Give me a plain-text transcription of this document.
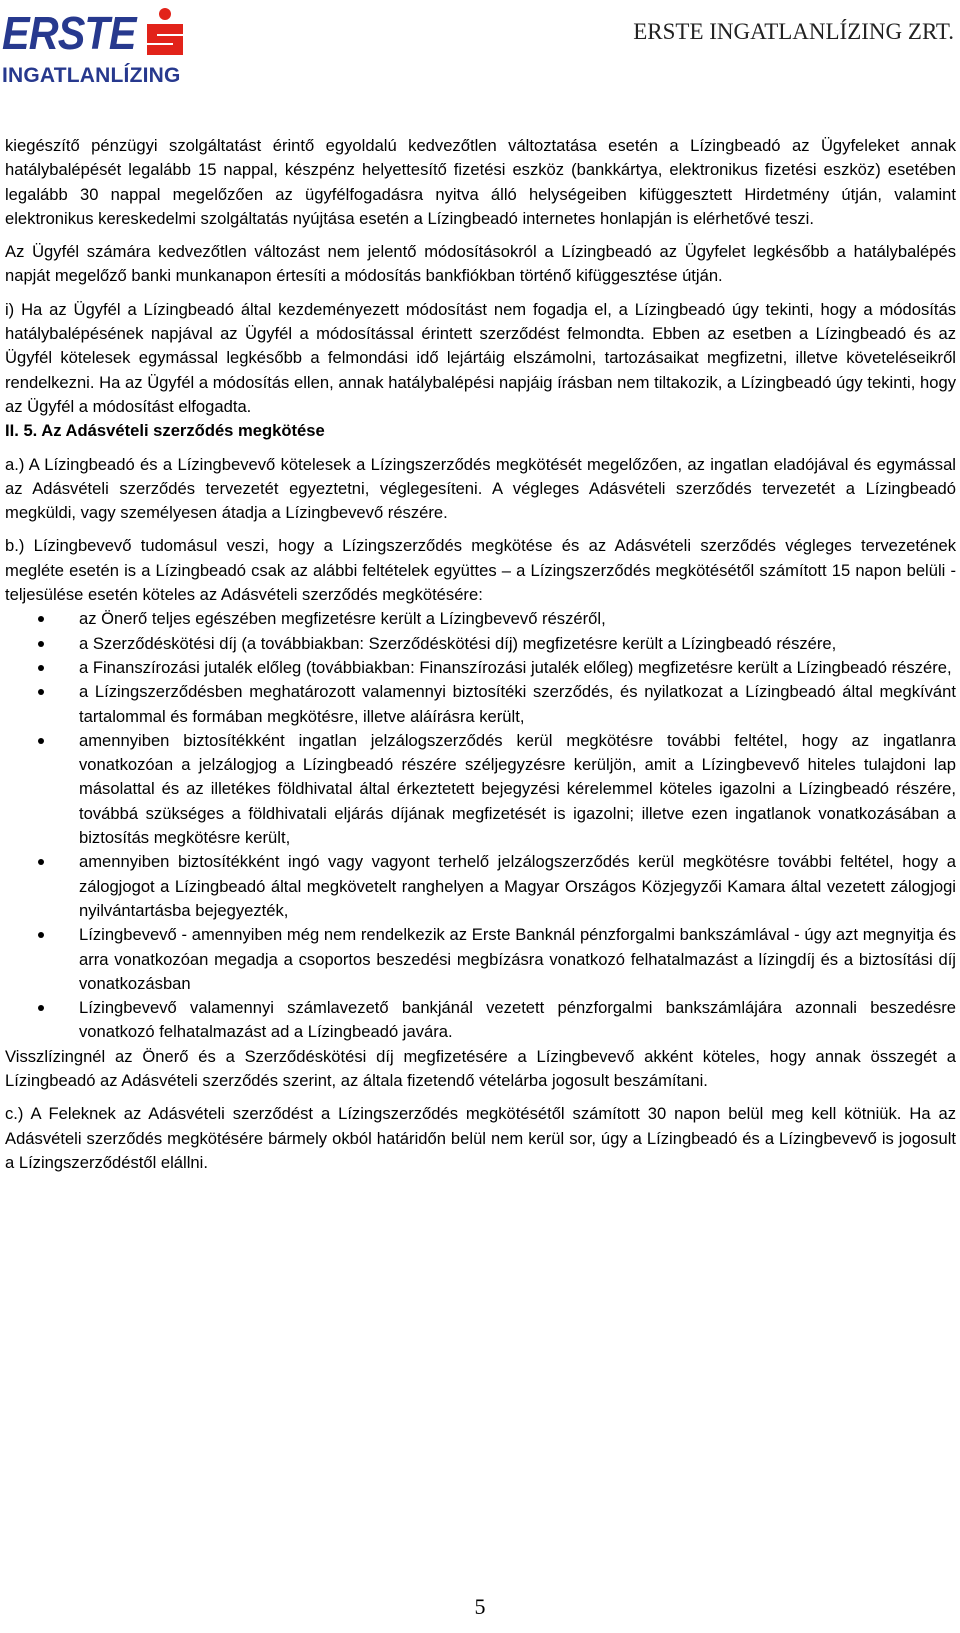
ERSTE
INGATLANLÍZING
ERSTE INGATLANLÍZING ZRT.

kiegészítő pénzügyi szolgáltatást érintő egyoldalú kedvezőtlen változtatása esetén a Lízingbeadó az Ügyfeleket annak hatálybalépését legalább 15 nappal, készpénz helyettesítő fizetési eszköz (bankkártya, elektronikus fizetési eszköz) esetében legalább 30 nappal megelőzően az ügyfélfogadásra nyitva álló helységeiben kifüggesztett Hirdetmény útján, valamint elektronikus kereskedelmi szolgáltatás nyújtása esetén a Lízingbeadó internetes honlapján is elérhetővé teszi.

Az Ügyfél számára kedvezőtlen változást nem jelentő módosításokról a Lízingbeadó az Ügyfelet legkésőbb a hatálybalépés napját megelőző banki munkanapon értesíti a módosítás bankfiókban történő kifüggesztése útján.

i) Ha az Ügyfél a Lízingbeadó által kezdeményezett módosítást nem fogadja el, a Lízingbeadó úgy tekinti, hogy a módosítás hatálybalépésének napjával az Ügyfél a módosítással érintett szerződést felmondta. Ebben az esetben a Lízingbeadó és az Ügyfél kötelesek egymással legkésőbb a felmondási idő lejártáig elszámolni, tartozásaikat megfizetni, illetve követeléseikről rendelkezni. Ha az Ügyfél a módosítás ellen, annak hatálybalépési napjáig írásban nem tiltakozik, a Lízingbeadó úgy tekinti, hogy az Ügyfél a módosítást elfogadta.

II. 5. Az Adásvételi szerződés megkötése

a.) A Lízingbeadó és a Lízingbevevő kötelesek a Lízingszerződés megkötését megelőzően, az ingatlan eladójával és egymással az Adásvételi szerződés tervezetét egyeztetni, véglegesíteni. A végleges Adásvételi szerződés tervezetét a Lízingbeadó megküldi, vagy személyesen átadja a Lízingbevevő részére.

b.) Lízingbevevő tudomásul veszi, hogy a Lízingszerződés megkötése és az Adásvételi szerződés végleges tervezetének megléte esetén is a Lízingbeadó csak az alábbi feltételek együttes – a Lízingszerződés megkötésétől számított 15 napon belüli - teljesülése esetén köteles az Adásvételi szerződés megkötésére:

az Önerő teljes egészében megfizetésre került a Lízingbevevő részéről,
a Szerződéskötési díj (a továbbiakban: Szerződéskötési díj) megfizetésre került a Lízingbeadó részére,
a Finanszírozási jutalék előleg (továbbiakban: Finanszírozási jutalék előleg) megfizetésre került a Lízingbeadó részére,
a Lízingszerződésben meghatározott valamennyi biztosítéki szerződés, és nyilatkozat a Lízingbeadó által megkívánt tartalommal és formában megkötésre, illetve aláírásra került,
amennyiben biztosítékként ingatlan jelzálogszerződés kerül megkötésre további feltétel, hogy az ingatlanra vonatkozóan a jelzálogjog a Lízingbeadó részére széljegyzésre kerüljön, amit a Lízingbevevő hiteles tulajdoni lap másolattal és az illetékes földhivatal által érkeztetett bejegyzési kérelemmel köteles igazolni a Lízingbeadó részére, továbbá szükséges a földhivatali eljárás díjának megfizetését is igazolni; illetve ezen ingatlanok vonatkozásában a biztosítás megkötésre került,
amennyiben biztosítékként ingó vagy vagyont terhelő jelzálogszerződés kerül megkötésre további feltétel, hogy a zálogjogot a Lízingbeadó által megkövetelt ranghelyen a Magyar Országos Közjegyzői Kamara által vezetett zálogjogi nyilvántartásba bejegyezték,
Lízingbevevő - amennyiben még nem rendelkezik az Erste Banknál pénzforgalmi bankszámlával - úgy azt megnyitja és arra vonatkozóan megadja a csoportos beszedési megbízásra vonatkozó felhatalmazást a lízingdíj és a biztosítási díj vonatkozásban
Lízingbevevő valamennyi számlavezető bankjánál vezetett pénzforgalmi bankszámlájára azonnali beszedésre vonatkozó felhatalmazást ad a Lízingbeadó javára.

Visszlízingnél az Önerő és a Szerződéskötési díj megfizetésére a Lízingbevevő akként köteles, hogy annak összegét a Lízingbeadó az Adásvételi szerződés szerint, az általa fizetendő vételárba jogosult beszámítani.

c.) A Feleknek az Adásvételi szerződést a Lízingszerződés megkötésétől számított 30 napon belül meg kell kötniük. Ha az Adásvételi szerződés megkötésére bármely okból határidőn belül nem kerül sor, úgy a Lízingbeadó és a Lízingbevevő is jogosult a Lízingszerződéstől elállni.

5
